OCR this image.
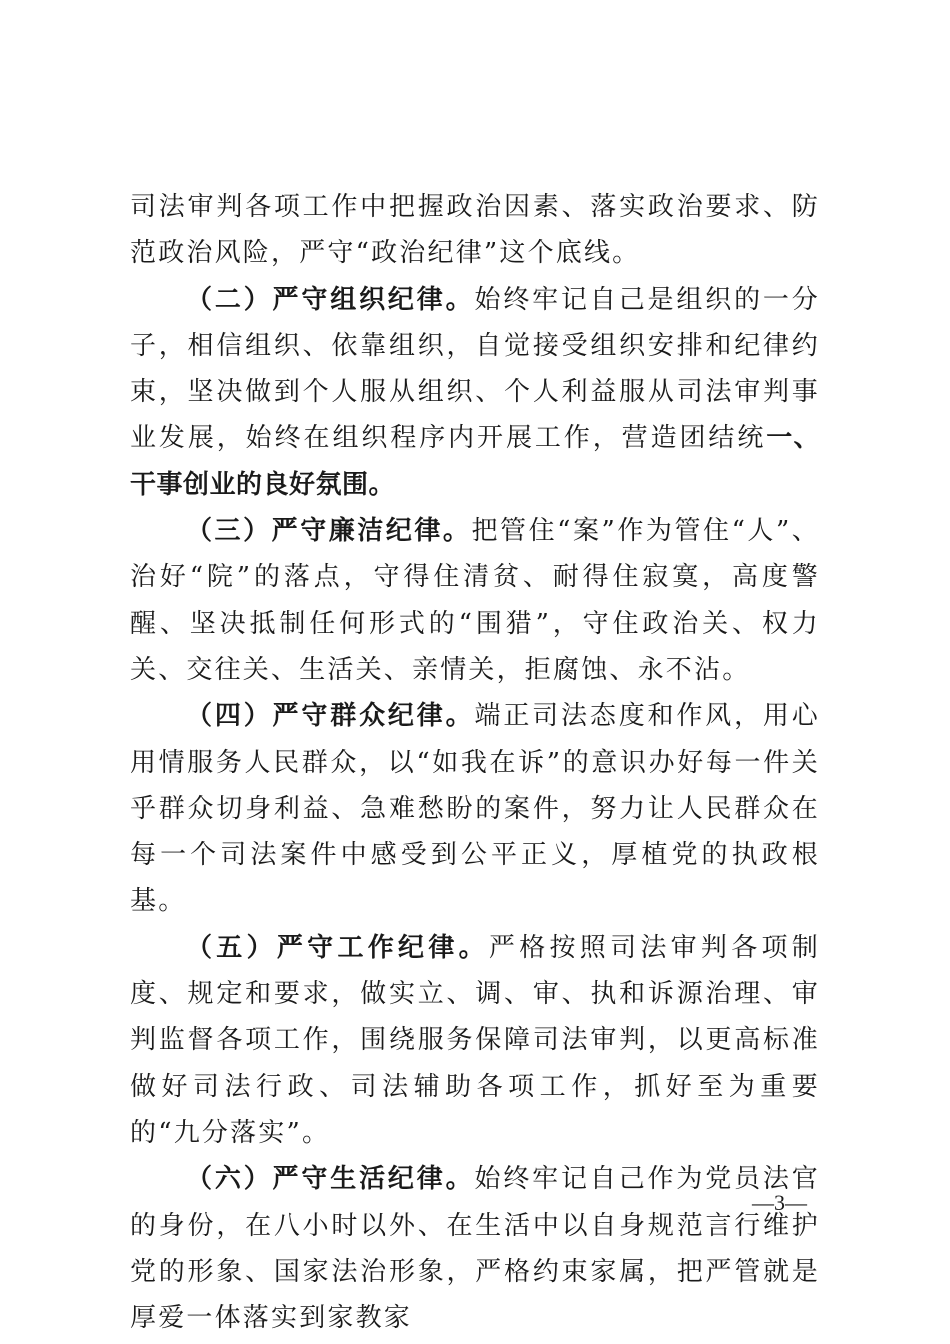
司法审判各项工作中把握政治因素、落实政治要求、防范政治风险，严守“政治纪律”这个底线。

（二）严守组织纪律。始终牢记自己是组织的一分子，相信组织、依靠组织，自觉接受组织安排和纪律约束，坚决做到个人服从组织、个人利益服从司法审判事业发展，始终在组织程序内开展工作，营造团结统一、干事创业的良好氛围。

（三）严守廉洁纪律。把管住“案”作为管住“人”、治好“院”的落点，守得住清贫、耐得住寂寞，高度警醒、坚决抵制任何形式的“围猎”，守住政治关、权力关、交往关、生活关、亲情关，拒腐蚀、永不沾。

（四）严守群众纪律。端正司法态度和作风，用心用情服务人民群众，以“如我在诉”的意识办好每一件关乎群众切身利益、急难愁盼的案件，努力让人民群众在每一个司法案件中感受到公平正义，厚植党的执政根基。

（五）严守工作纪律。严格按照司法审判各项制度、规定和要求，做实立、调、审、执和诉源治理、审判监督各项工作，围绕服务保障司法审判，以更高标准做好司法行政、司法辅助各项工作，抓好至为重要的“九分落实”。

（六）严守生活纪律。始终牢记自己作为党员法官的身份，在八小时以外、在生活中以自身规范言行维护党的形象、国家法治形象，严格约束家属，把严管就是厚爱一体落实到家教家

—3—
